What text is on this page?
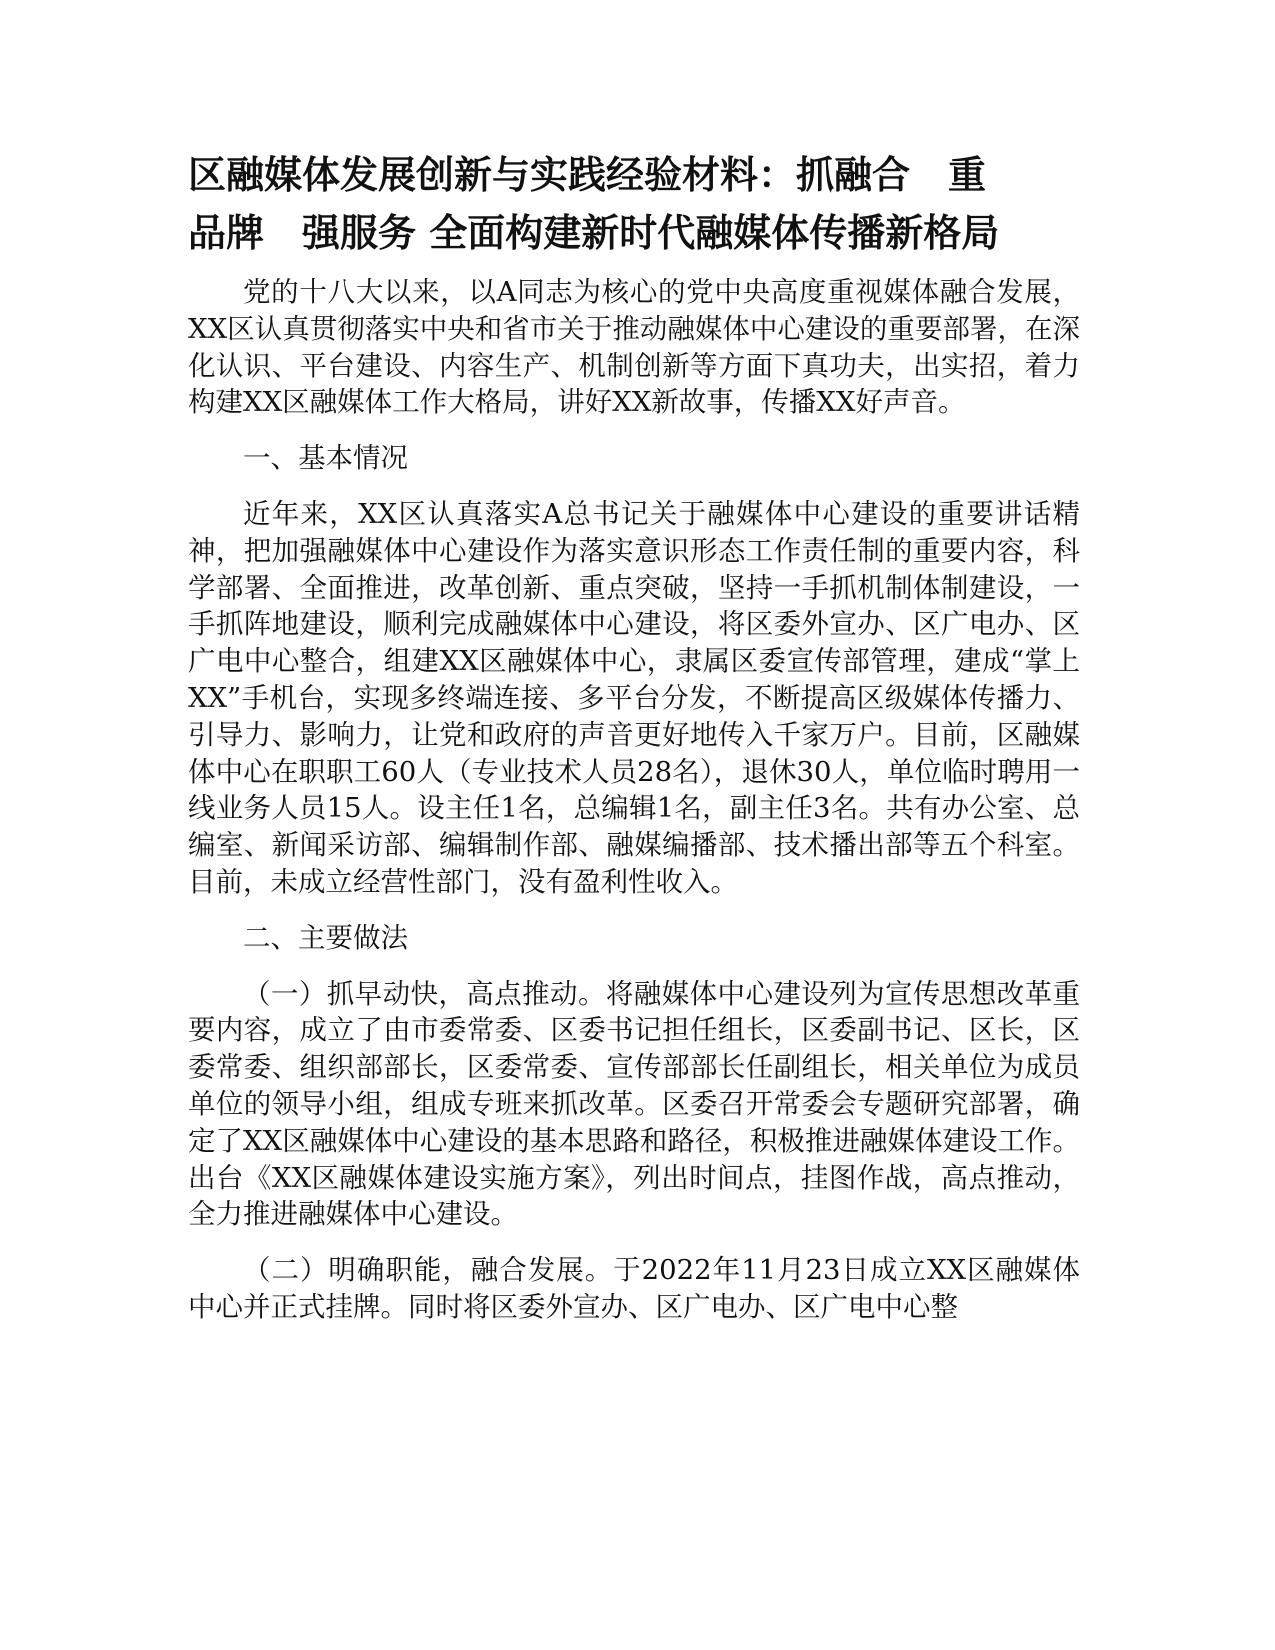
区融媒体发展创新与实践经验材料：抓融合　重
品牌　强服务 全面构建新时代融媒体传播新格局

党的十八大以来，以A同志为核心的党中央高度重视媒体融合发展，XX区认真贯彻落实中央和省市关于推动融媒体中心建设的重要部署，在深化认识、平台建设、内容生产、机制创新等方面下真功夫，出实招，着力构建XX区融媒体工作大格局，讲好XX新故事，传播XX好声音。

一、基本情况

近年来，XX区认真落实A总书记关于融媒体中心建设的重要讲话精神，把加强融媒体中心建设作为落实意识形态工作责任制的重要内容，科学部署、全面推进，改革创新、重点突破，坚持一手抓机制体制建设，一手抓阵地建设，顺利完成融媒体中心建设，将区委外宣办、区广电办、区广电中心整合，组建XX区融媒体中心，隶属区委宣传部管理，建成“掌上XX”手机台，实现多终端连接、多平台分发，不断提高区级媒体传播力、引导力、影响力，让党和政府的声音更好地传入千家万户。目前，区融媒体中心在职职工60人（专业技术人员28名），退休30人，单位临时聘用一线业务人员15人。设主任1名，总编辑1名，副主任3名。共有办公室、总编室、新闻采访部、编辑制作部、融媒编播部、技术播出部等五个科室。目前，未成立经营性部门，没有盈利性收入。

二、主要做法

（一）抓早动快，高点推动。将融媒体中心建设列为宣传思想改革重要内容，成立了由市委常委、区委书记担任组长，区委副书记、区长，区委常委、组织部部长，区委常委、宣传部部长任副组长，相关单位为成员单位的领导小组，组成专班来抓改革。区委召开常委会专题研究部署，确定了XX区融媒体中心建设的基本思路和路径，积极推进融媒体建设工作。出台《XX区融媒体建设实施方案》，列出时间点，挂图作战，高点推动，全力推进融媒体中心建设。

（二）明确职能，融合发展。于2022年11月23日成立XX区融媒体中心并正式挂牌。同时将区委外宣办、区广电办、区广电中心整
